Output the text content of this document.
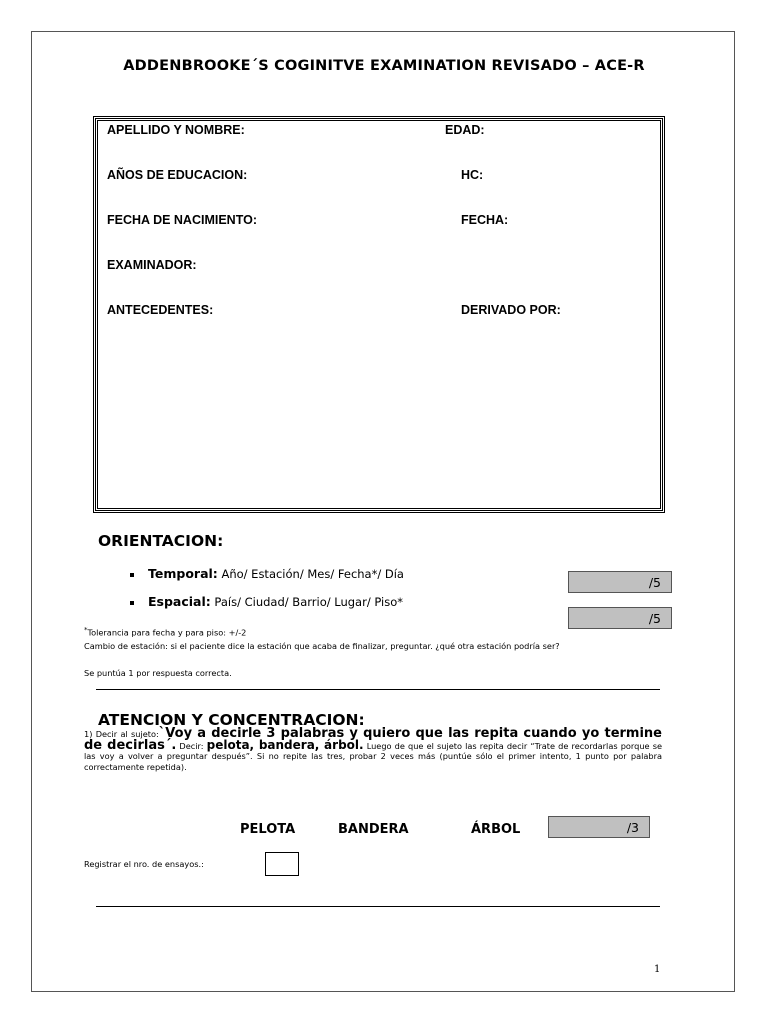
ADDENBROOKE´S COGINITVE EXAMINATION REVISADO – ACE-R
APELLIDO Y NOMBRE:	EDAD:
AÑOS DE EDUCACION:	HC:
FECHA DE NACIMIENTO:	FECHA:
EXAMINADOR:
ANTECEDENTES:	DERIVADO POR:
ORIENTACION:
Temporal: Año/ Estación/ Mes/ Fecha*/ Día
Espacial: País/ Ciudad/ Barrio/ Lugar/ Piso*
/5
/5
*Tolerancia para fecha y para piso: +/-2
Cambio de estación: si el paciente dice la estación que acaba de finalizar, preguntar. ¿qué otra estación podría ser?
Se puntúa 1 por respuesta correcta.
ATENCION Y CONCENTRACION:
1) Decir al sujeto:`Voy a decirle 3 palabras y quiero que las repita cuando yo termine de decirlas´. Decir: pelota, bandera, árbol. Luego de que el sujeto las repita decir “Trate de recordarlas porque se las voy a volver a preguntar después”. Si no repite las tres, probar 2 veces más (puntúe sólo el primer intento, 1 punto por palabra correctamente repetida).
PELOTA	BANDERA	ÁRBOL	/3
Registrar el nro. de ensayos.:
1
